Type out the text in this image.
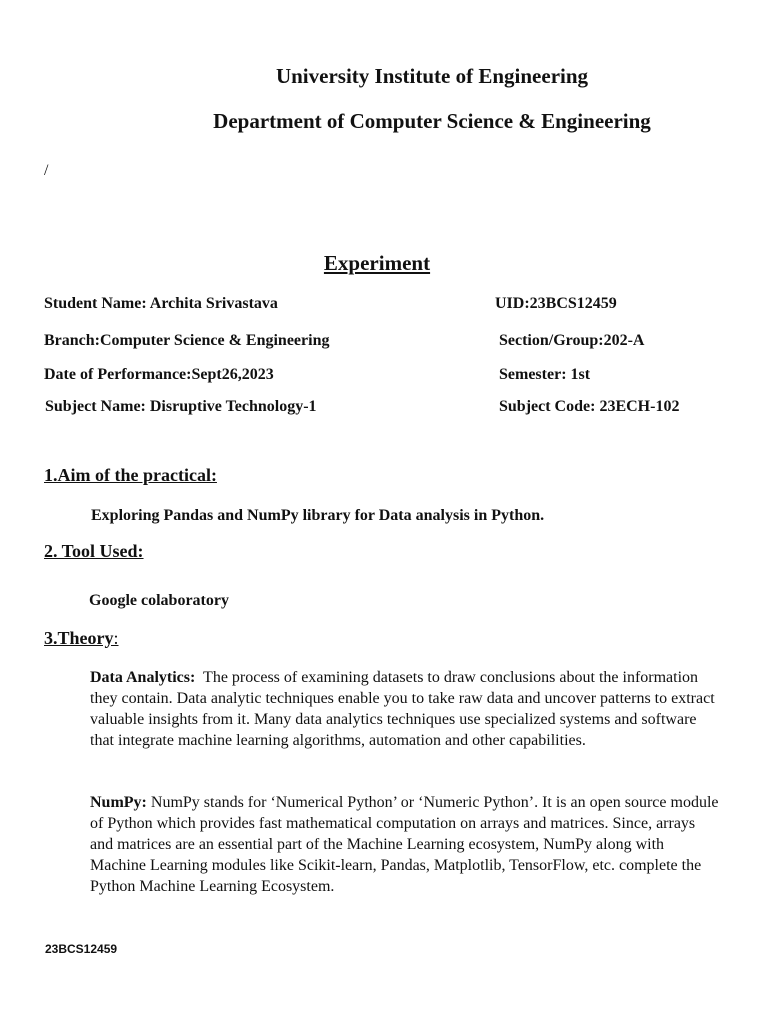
University Institute of Engineering
Department of Computer Science & Engineering
/
Experiment
Student Name: Archita Srivastava	UID:23BCS12459
Branch:Computer Science & Engineering	Section/Group:202-A
Date of Performance:Sept26,2023	Semester: 1st
Subject Name: Disruptive Technology-1	Subject Code: 23ECH-102
1.Aim of the practical:
Exploring Pandas and NumPy library for Data analysis in Python.
2. Tool Used:
Google colaboratory
3.Theory:
Data Analytics: The process of examining datasets to draw conclusions about the information they contain. Data analytic techniques enable you to take raw data and uncover patterns to extract valuable insights from it. Many data analytics techniques use specialized systems and software that integrate machine learning algorithms, automation and other capabilities.
NumPy: NumPy stands for ‘Numerical Python’ or ‘Numeric Python’. It is an open source module of Python which provides fast mathematical computation on arrays and matrices. Since, arrays and matrices are an essential part of the Machine Learning ecosystem, NumPy along with Machine Learning modules like Scikit-learn, Pandas, Matplotlib, TensorFlow, etc. complete the Python Machine Learning Ecosystem.
23BCS12459
